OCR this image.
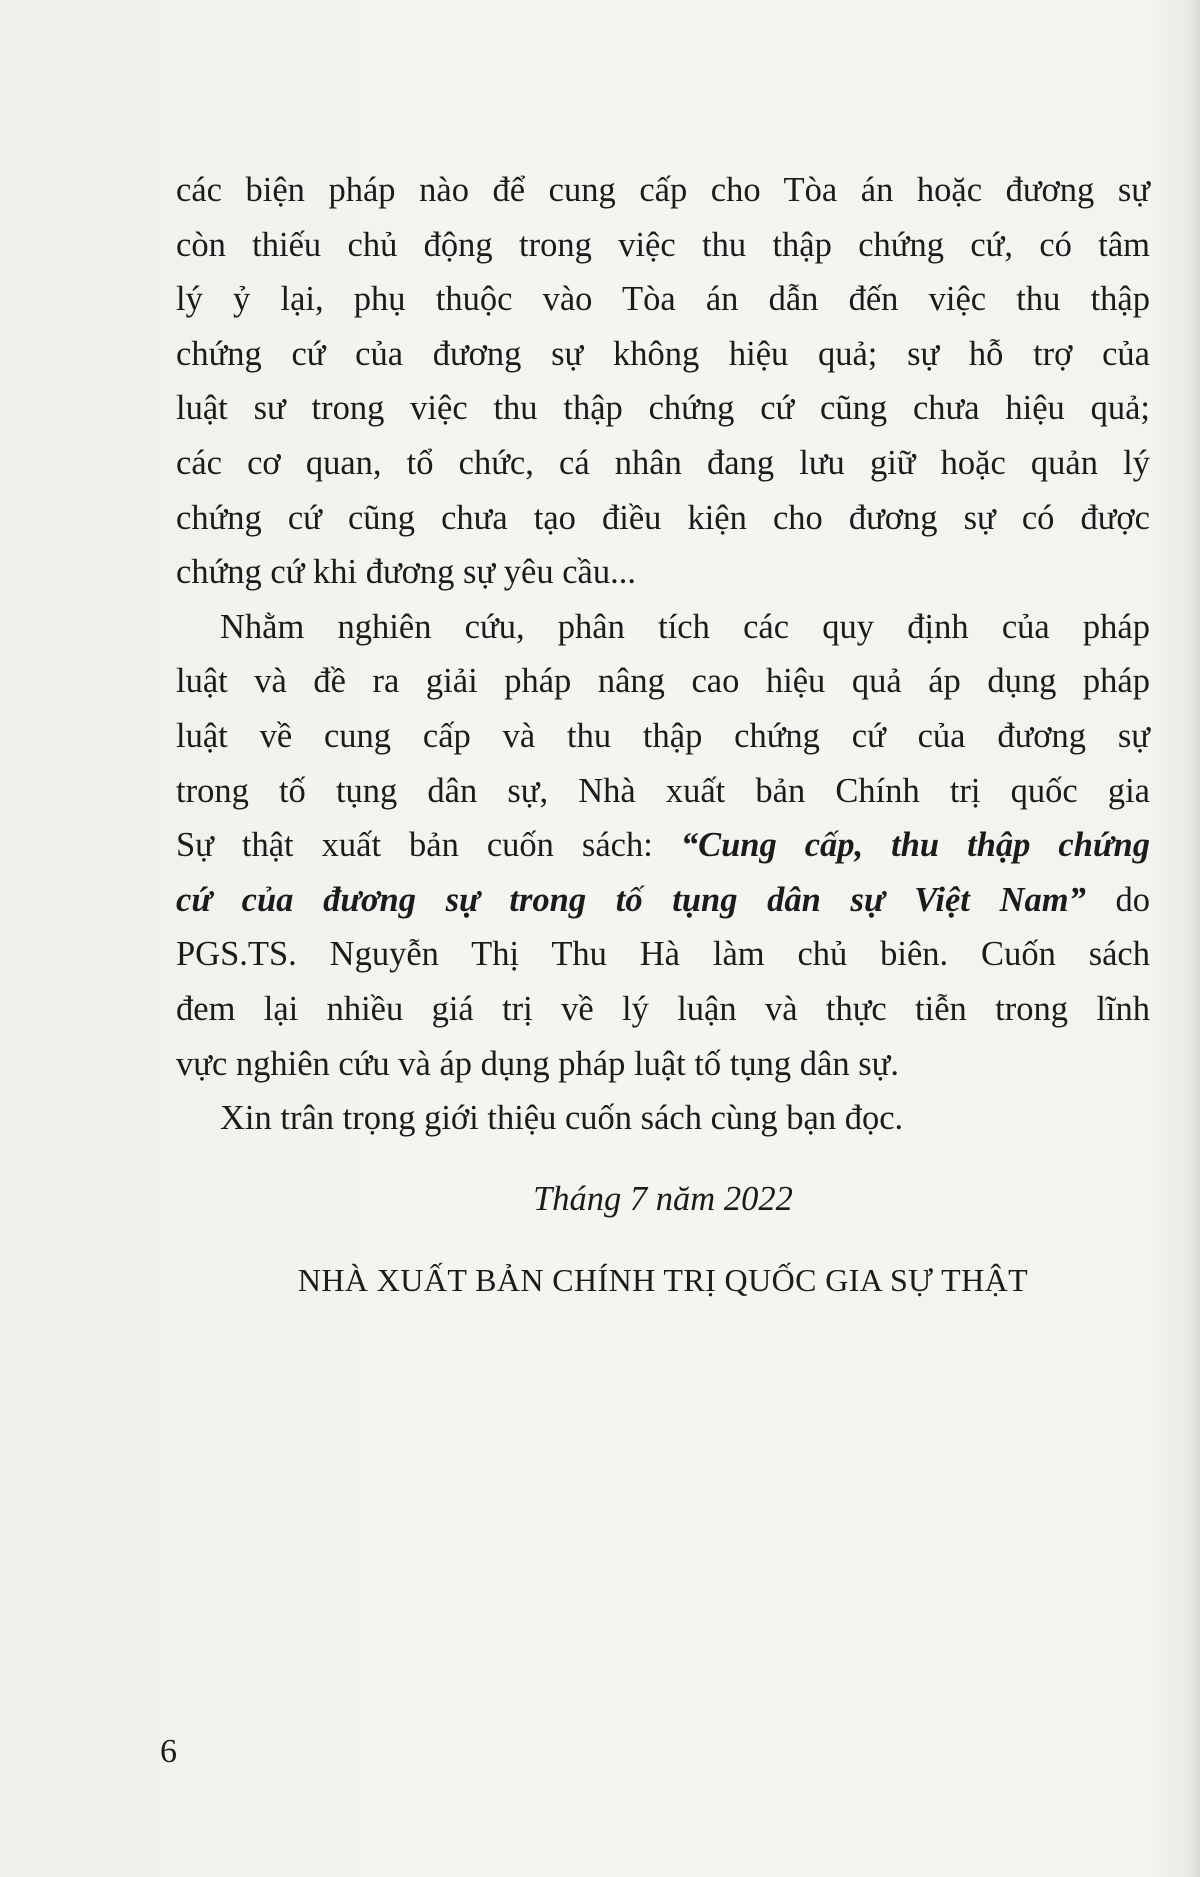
các biện pháp nào để cung cấp cho Tòa án hoặc đương sự
còn thiếu chủ động trong việc thu thập chứng cứ, có tâm
lý ỷ lại, phụ thuộc vào Tòa án dẫn đến việc thu thập
chứng cứ của đương sự không hiệu quả; sự hỗ trợ của
luật sư trong việc thu thập chứng cứ cũng chưa hiệu quả;
các cơ quan, tổ chức, cá nhân đang lưu giữ hoặc quản lý
chứng cứ cũng chưa tạo điều kiện cho đương sự có được
chứng cứ khi đương sự yêu cầu...

Nhằm nghiên cứu, phân tích các quy định của pháp
luật và đề ra giải pháp nâng cao hiệu quả áp dụng pháp
luật về cung cấp và thu thập chứng cứ của đương sự
trong tố tụng dân sự, Nhà xuất bản Chính trị quốc gia
Sự thật xuất bản cuốn sách: “Cung cấp, thu thập chứng
cứ của đương sự trong tố tụng dân sự Việt Nam” do
PGS.TS. Nguyễn Thị Thu Hà làm chủ biên. Cuốn sách
đem lại nhiều giá trị về lý luận và thực tiễn trong lĩnh
vực nghiên cứu và áp dụng pháp luật tố tụng dân sự.

Xin trân trọng giới thiệu cuốn sách cùng bạn đọc.

Tháng 7 năm 2022

NHÀ XUẤT BẢN CHÍNH TRỊ QUỐC GIA SỰ THẬT

6
